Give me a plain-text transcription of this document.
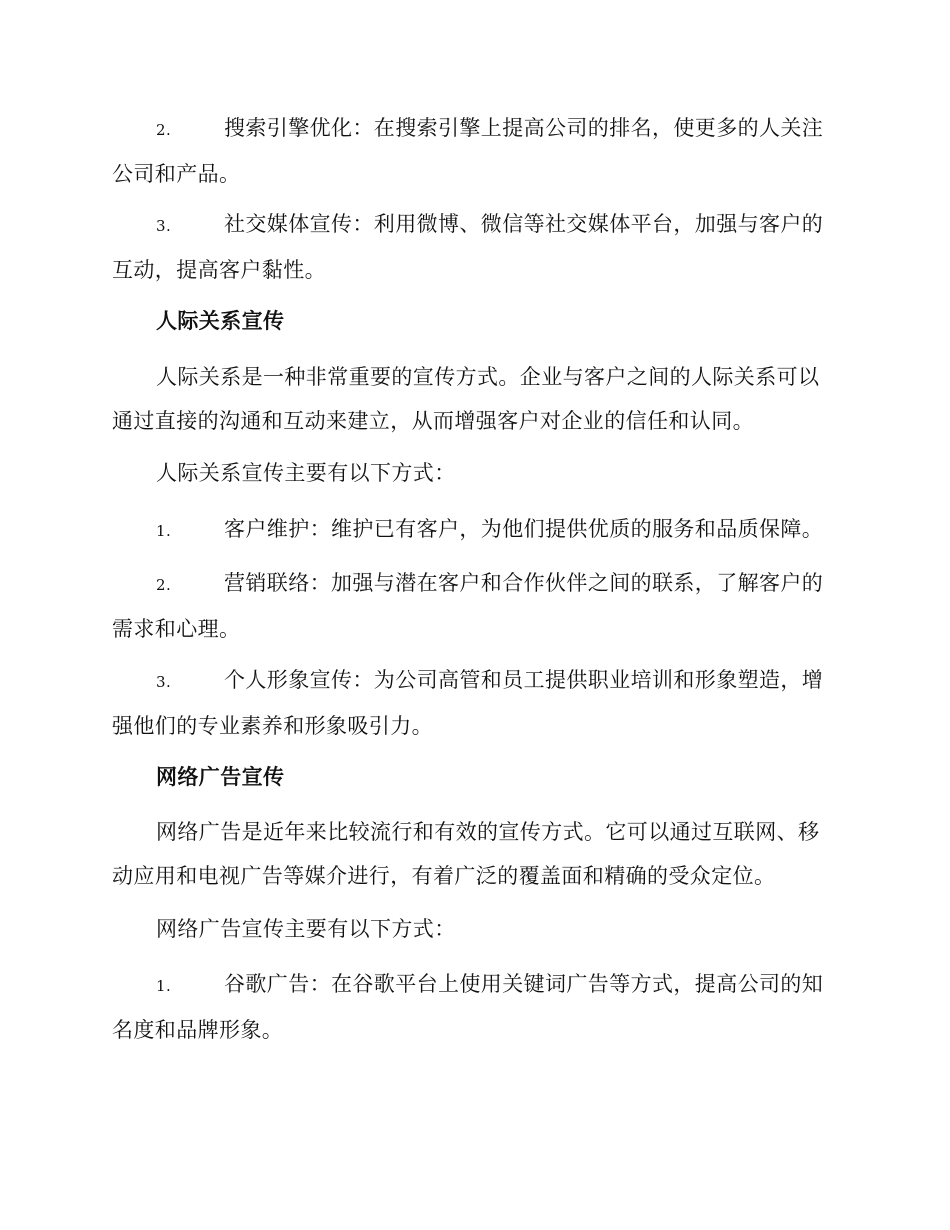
2.	搜索引擎优化：在搜索引擎上提高公司的排名，使更多的人关注公司和产品。
3.	社交媒体宣传：利用微博、微信等社交媒体平台，加强与客户的互动，提高客户黏性。
人际关系宣传
人际关系是一种非常重要的宣传方式。企业与客户之间的人际关系可以通过直接的沟通和互动来建立，从而增强客户对企业的信任和认同。
人际关系宣传主要有以下方式：
1.	客户维护：维护已有客户，为他们提供优质的服务和品质保障。
2.	营销联络：加强与潜在客户和合作伙伴之间的联系，了解客户的需求和心理。
3.	个人形象宣传：为公司高管和员工提供职业培训和形象塑造，增强他们的专业素养和形象吸引力。
网络广告宣传
网络广告是近年来比较流行和有效的宣传方式。它可以通过互联网、移动应用和电视广告等媒介进行，有着广泛的覆盖面和精确的受众定位。
网络广告宣传主要有以下方式：
1.	谷歌广告：在谷歌平台上使用关键词广告等方式，提高公司的知名度和品牌形象。
